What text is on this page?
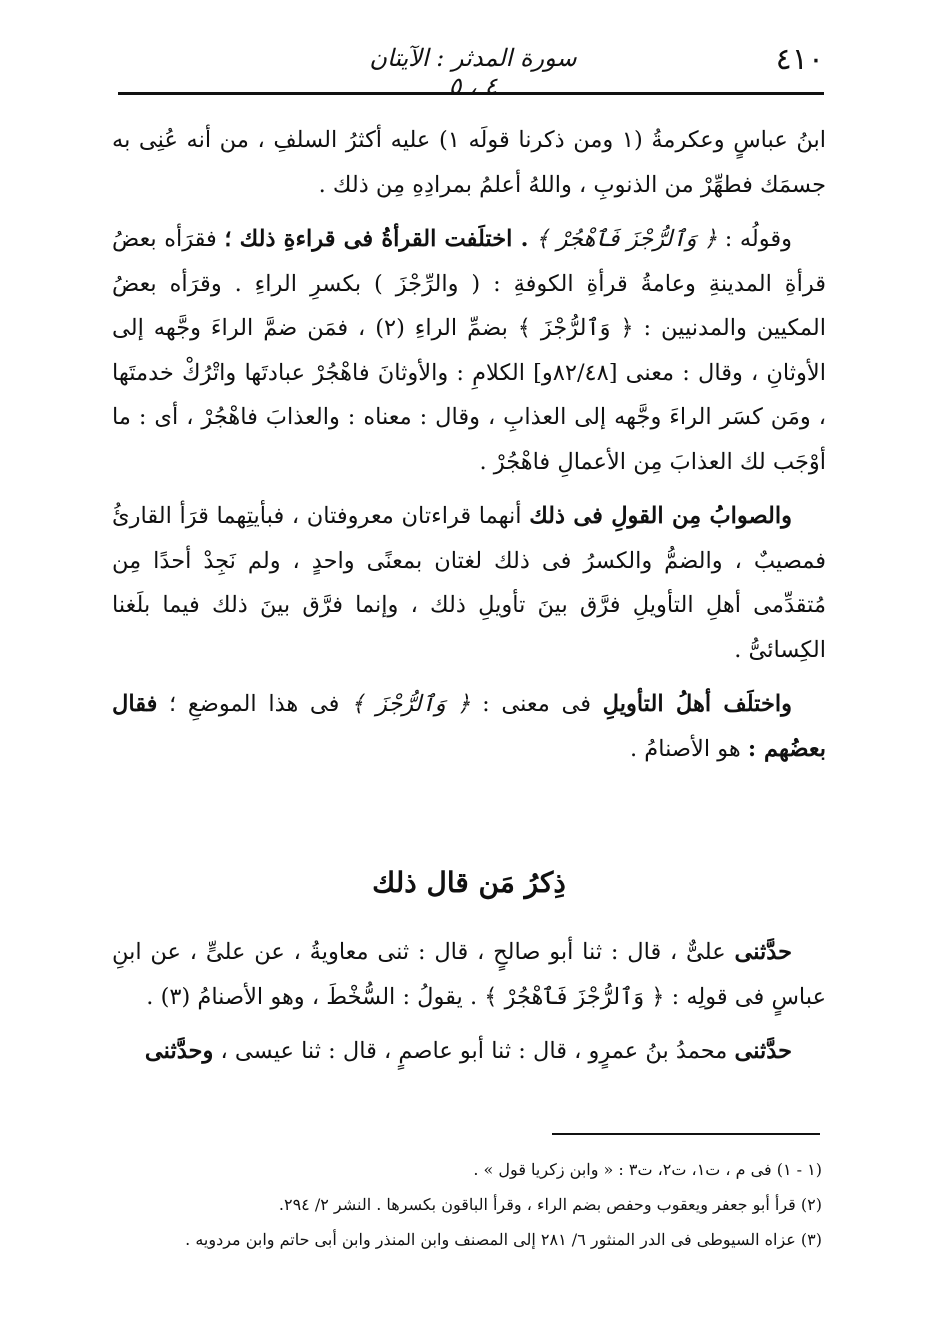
٤١٠
سورة المدثر : الآيتان ٤ ، ٥

ابنُ عباسٍ وعكرمةُ (١ ومن ذكرنا قولَه ١) عليه أكثرُ السلفِ ، من أنه عُنِى به جسمَك فطهِّرْ من الذنوبِ ، واللهُ أعلمُ بمرادِهِ مِن ذلك .

وقولُه : ﴿ وَٱلرُّجْزَ فَٱهْجُرْ ﴾ . اختلَفت القرأةُ فى قراءةِ ذلك ؛ فقرَأه بعضُ قرأةِ المدينةِ وعامةُ قرأةِ الكوفةِ : ( والرِّجْزَ ) بكسرِ الراءِ . وقرَأه بعضُ المكيين والمدنيين : ﴿ وَٱلرُّجْزَ ﴾ بضمِّ الراءِ (٢) ، فمَن ضمَّ الراءَ وجَّهه إلى الأوثانِ ، وقال : معنى [٨٢/٤٨و] الكلامِ : والأوثانَ فاهْجُرْ عبادتَها واتْرُكْ خدمتَها ، ومَن كسَر الراءَ وجَّهه إلى العذابِ ، وقال : معناه : والعذابَ فاهْجُرْ ، أى : ما أوْجَب لك العذابَ مِن الأعمالِ فاهْجُرْ .

والصوابُ مِن القولِ فى ذلك أنهما قراءتان معروفتان ، فبأيتِهما قرَأ القارئُ فمصيبٌ ، والضمُّ والكسرُ فى ذلك لغتان بمعنًى واحدٍ ، ولم نَجِدْ أحدًا مِن مُتقدِّمى أهلِ التأويلِ فرَّق بينَ تأويلِ ذلك ، وإنما فرَّق بينَ ذلك فيما بلَغنا الكِسائىُّ .

واختلَف أهلُ التأويلِ فى معنى : ﴿ وَٱلرُّجْزَ ﴾ فى هذا الموضعِ ؛ فقال بعضُهم : هو الأصنامُ .

ذِكرُ مَن قال ذلك

حدَّثنى علىٌّ ، قال : ثنا أبو صالحٍ ، قال : ثنى معاويةُ ، عن علىٍّ ، عن ابنِ عباسٍ فى قولِه : ﴿ وَٱلرُّجْزَ فَٱهْجُرْ ﴾ . يقولُ : السُّخْطَ ، وهو الأصنامُ (٣) .

حدَّثنى محمدُ بنُ عمرٍو ، قال : ثنا أبو عاصمٍ ، قال : ثنا عيسى ، وحدَّثنى

(١ - ١) فى م ، ت١، ت٢، ت٣ : « وابن زكريا قول » .

(٢) قرأ أبو جعفر ويعقوب وحفص بضم الراء ، وقرأ الباقون بكسرها . النشر ٢/ ٢٩٤.

(٣) عزاه السيوطى فى الدر المنثور ٦/ ٢٨١ إلى المصنف وابن المنذر وابن أبى حاتم وابن مردويه .
